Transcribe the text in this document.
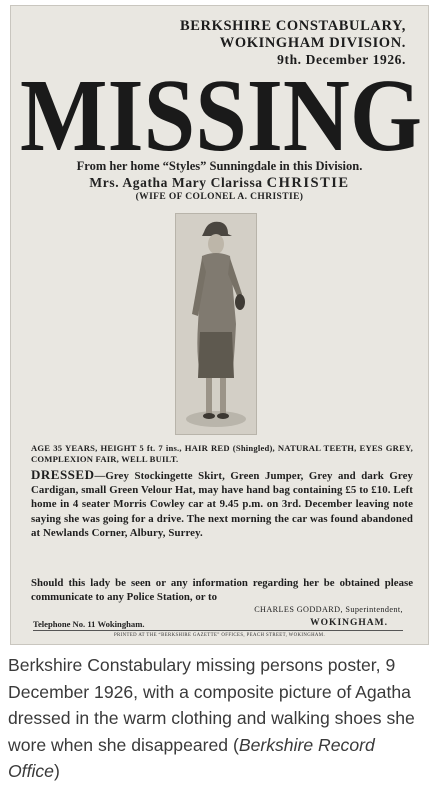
BERKSHIRE CONSTABULARY,
WOKINGHAM DIVISION.
9th. December 1926.
MISSING
From her home “Styles” Sunningdale in this Division.
Mrs. Agatha Mary Clarissa CHRISTIE
(WIFE OF COLONEL A. CHRISTIE)
AGE 35 YEARS, HEIGHT 5 ft. 7 ins., HAIR RED (Shingled), NATURAL TEETH, EYES GREY, COMPLEXION FAIR, WELL BUILT.
DRESSED—Grey Stockingette Skirt, Green Jumper, Grey and dark Grey Cardigan, small Green Velour Hat, may have hand bag containing £5 to £10. Left home in 4 seater Morris Cowley car at 9.45 p.m. on 3rd. December leaving note saying she was going for a drive. The next morning the car was found abandoned at Newlands Corner, Albury, Surrey.
Should this lady be seen or any information regarding her be obtained please communicate to any Police Station, or to
CHARLES GODDARD, Superintendent,
Telephone No. 11 Wokingham.	WOKINGHAM.
PRINTED AT THE “BERKSHIRE GAZETTE” OFFICES, PEACH STREET, WOKINGHAM.
Berkshire Constabulary missing persons poster, 9 December 1926, with a composite picture of Agatha dressed in the warm clothing and walking shoes she wore when she disappeared (Berkshire Record Office)
